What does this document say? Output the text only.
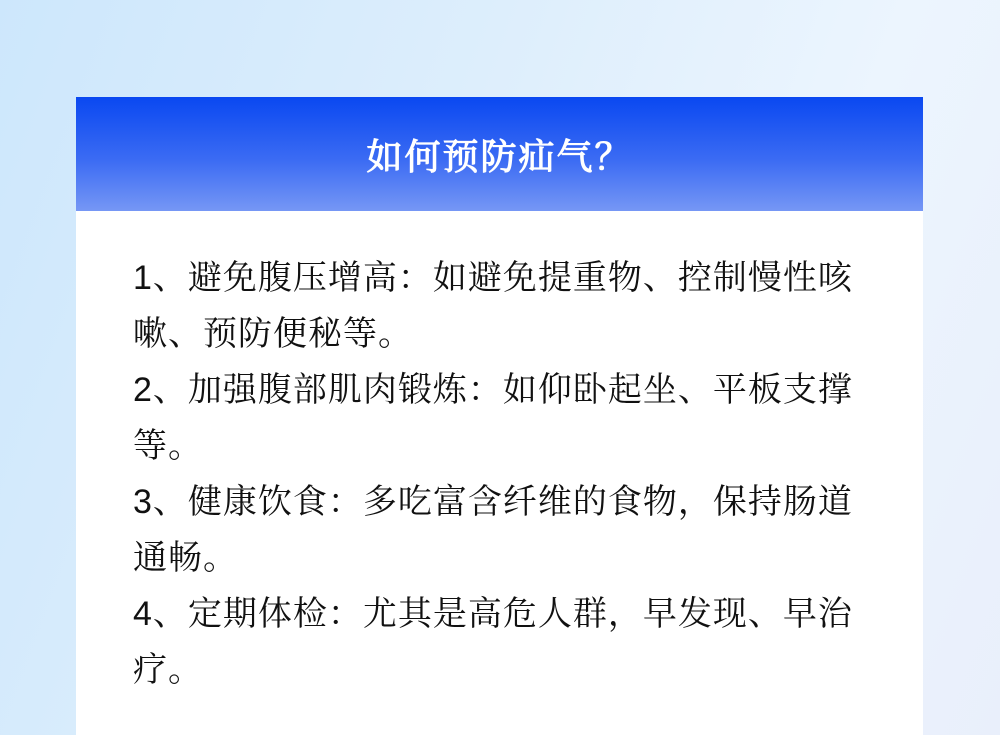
如何预防疝气？
1、避免腹压增高：如避免提重物、控制慢性咳
嗽、预防便秘等。
2、加强腹部肌肉锻炼：如仰卧起坐、平板支撑
等。
3、健康饮食：多吃富含纤维的食物，保持肠道
通畅。
4、定期体检：尤其是高危人群，早发现、早治
疗。
